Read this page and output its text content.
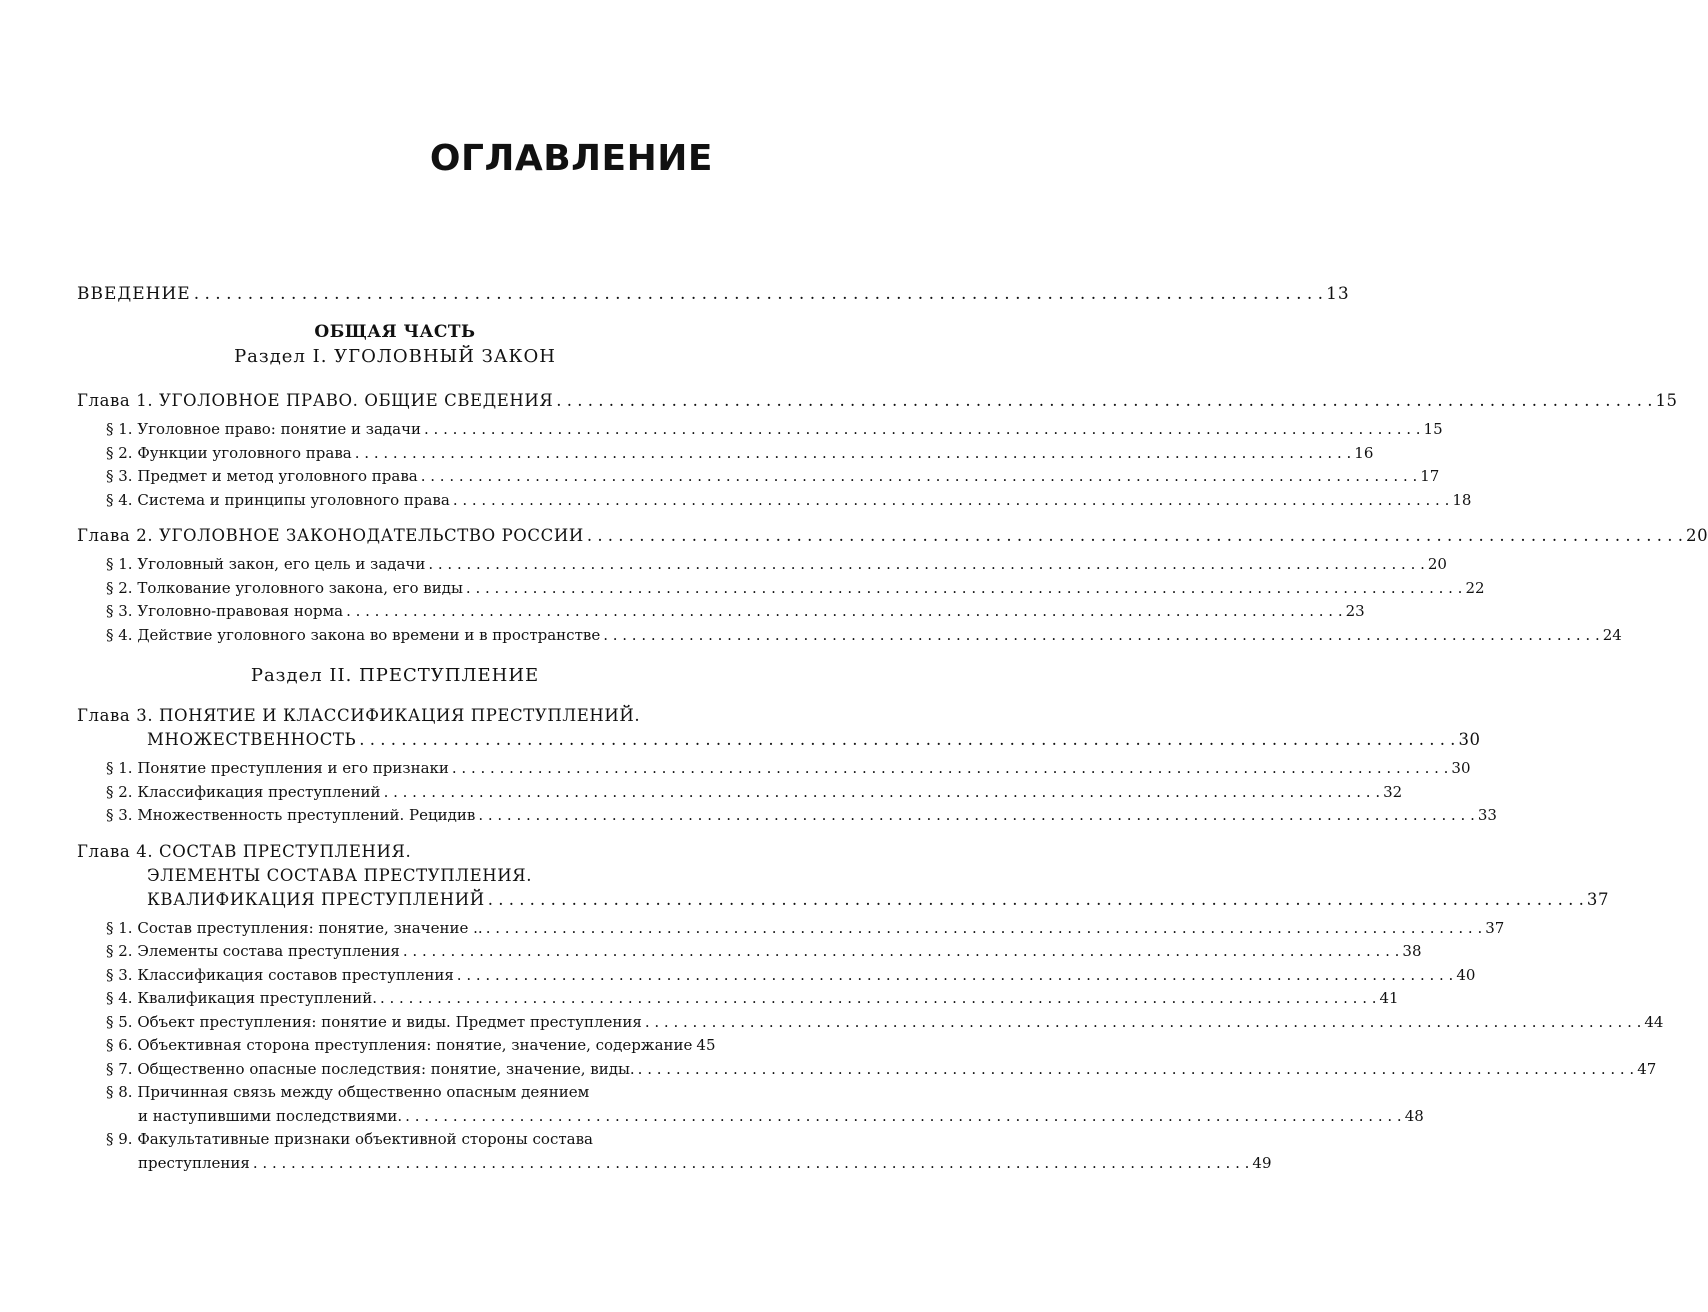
ОГЛАВЛЕНИЕ
ВВЕДЕНИЕ . . .	13
ОБЩАЯ ЧАСТЬ
Раздел I. УГОЛОВНЫЙ ЗАКОН
Глава 1. УГОЛОВНОЕ ПРАВО. ОБЩИЕ СВЕДЕНИЯ . . .	15
§ 1. Уголовное право: понятие и задачи . . .	15
§ 2. Функции уголовного права . . .	16
§ 3. Предмет и метод уголовного права . . .	17
§ 4. Система и принципы уголовного права . . .	18
Глава 2. УГОЛОВНОЕ ЗАКОНОДАТЕЛЬСТВО РОССИИ . . .	20
§ 1. Уголовный закон, его цель и задачи . . .	20
§ 2. Толкование уголовного закона, его виды . . .	22
§ 3. Уголовно-правовая норма . . .	23
§ 4. Действие уголовного закона во времени и в пространстве . . .	24
Раздел II. ПРЕСТУПЛЕНИЕ
Глава 3. ПОНЯТИЕ И КЛАССИФИКАЦИЯ ПРЕСТУПЛЕНИЙ.
МНОЖЕСТВЕННОСТЬ . . .	30
§ 1. Понятие преступления и его признаки . . .	30
§ 2. Классификация преступлений . . .	32
§ 3. Множественность преступлений. Рецидив . . .	33
Глава 4. СОСТАВ ПРЕСТУПЛЕНИЯ.
ЭЛЕМЕНТЫ СОСТАВА ПРЕСТУПЛЕНИЯ.
КВАЛИФИКАЦИЯ ПРЕСТУПЛЕНИЙ . . .	37
§ 1. Состав преступления: понятие, значение .. . . .	37
§ 2. Элементы состава преступления . . .	38
§ 3. Классификация составов преступления . . .	40
§ 4. Квалификация преступлений. . . .	41
§ 5. Объект преступления: понятие и виды. Предмет преступления . . .	44
§ 6. Объективная сторона преступления: понятие, значение, содержание 45
§ 7. Общественно опасные последствия: понятие, значение, виды. . . .	47
§ 8. Причинная связь между общественно опасным деянием
и наступившими последствиями. . . .	48
§ 9. Факультативные признаки объективной стороны состава
преступления . . .	49
